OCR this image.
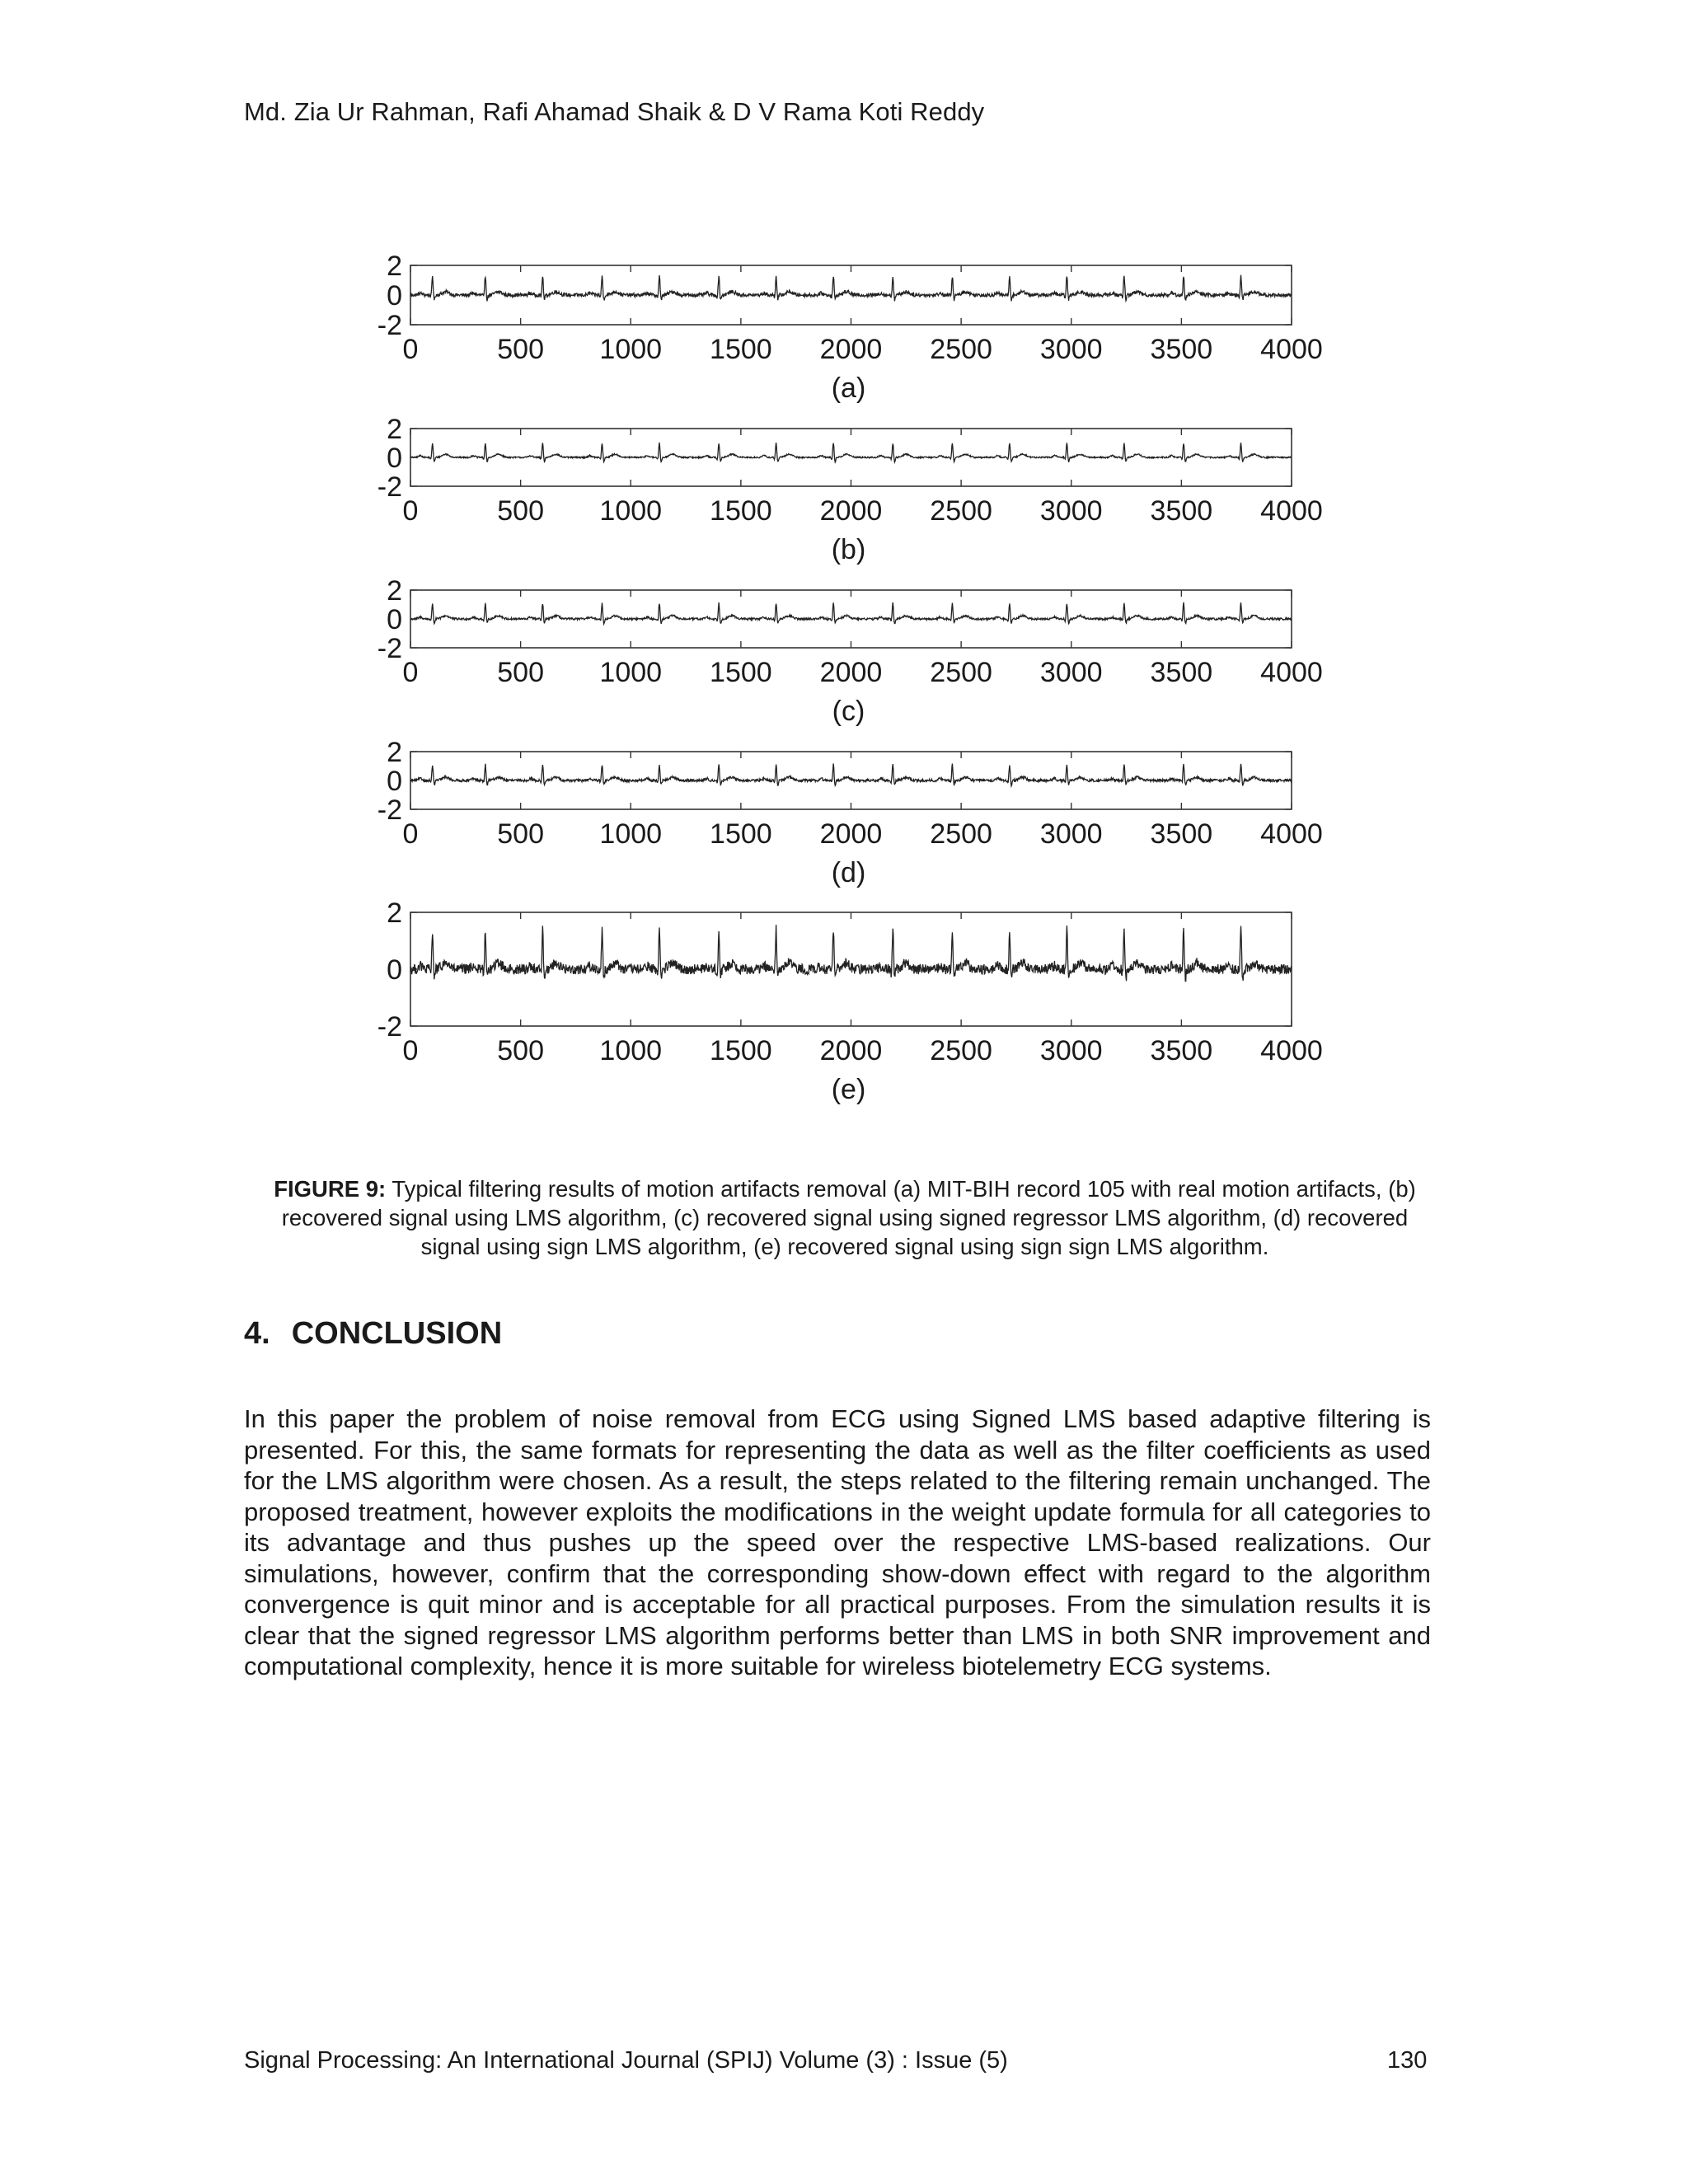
Md. Zia Ur Rahman, Rafi Ahamad Shaik & D V Rama Koti Reddy
0	500 1000 1500 2000 2500 3000 3500 4000
2
0
-2
(a)
0	500 1000 1500 2000 2500 3000 3500 4000
2
0
-2
(b)
0	500 1000 1500 2000 2500 3000 3500 4000
2
0
-2
(c)
0	500 1000 1500 2000 2500 3000 3500 4000
2
0
-2
(d)
0	500 1000 1500 2000 2500 3000 3500 4000
2
0
-2
(e)
FIGURE 9: Typical filtering results of motion artifacts removal (a) MIT-BIH record 105 with real motion artifacts, (b) recovered signal using LMS algorithm, (c) recovered signal using signed regressor LMS algorithm, (d) recovered signal using sign LMS algorithm, (e) recovered signal using sign sign LMS algorithm.
4. CONCLUSION

In this paper the problem of noise removal from ECG using Signed LMS based adaptive filtering is presented. For this, the same formats for representing the data as well as the filter coefficients as used for the LMS algorithm were chosen. As a result, the steps related to the filtering remain unchanged. The proposed treatment, however exploits the modifications in the weight update formula for all categories to its advantage and thus pushes up the speed over the respective LMS-based realizations. Our simulations, however, confirm that the corresponding show-down effect with regard to the algorithm convergence is quit minor and is acceptable for all practical purposes. From the simulation results it is clear that the signed regressor LMS algorithm performs better than LMS in both SNR improvement and computational complexity, hence it is more suitable for wireless biotelemetry ECG systems.

Signal Processing: An International Journal (SPIJ) Volume (3) : Issue (5)	130
